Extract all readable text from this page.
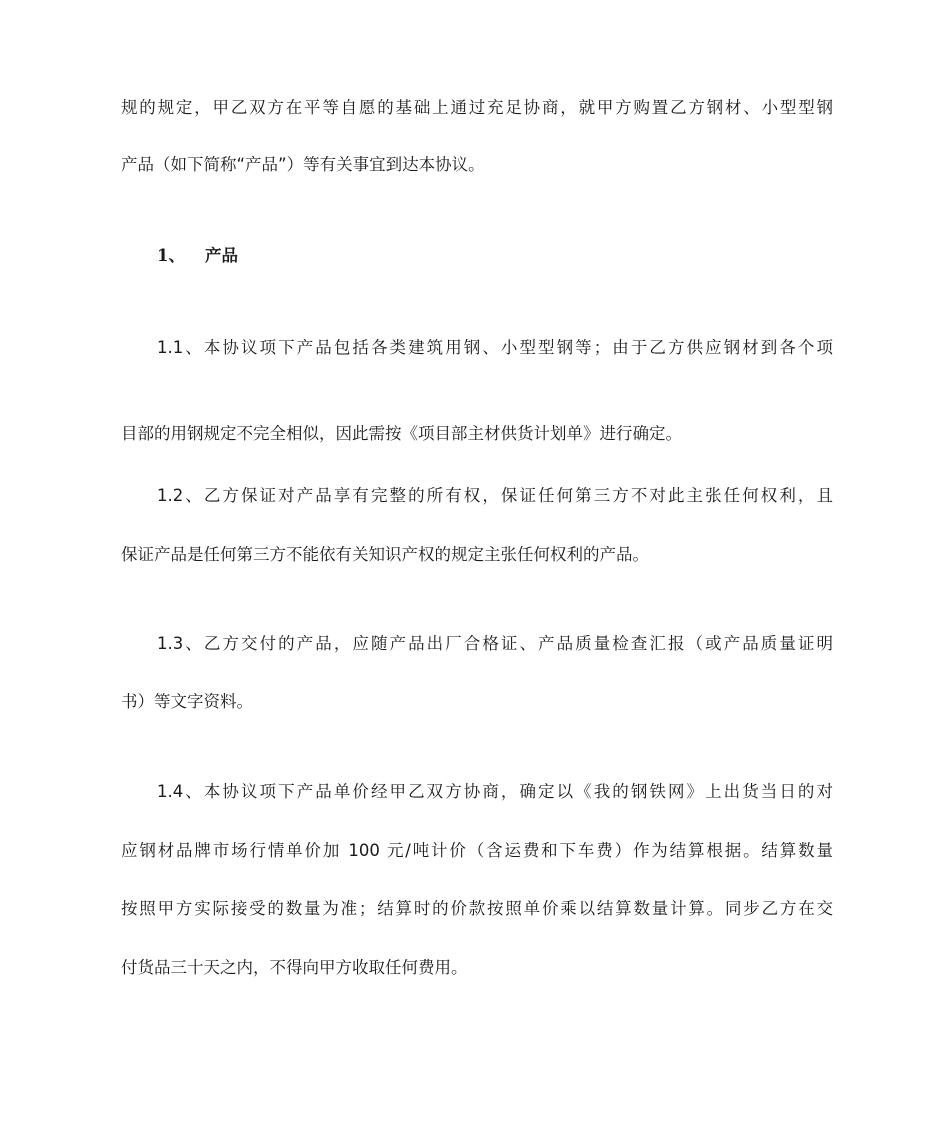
规的规定，甲乙双方在平等自愿的基础上通过充足协商，就甲方购置乙方钢材、小型型钢
产品（如下简称“产品”）等有关事宜到达本协议。
1、 产品
1.1、本协议项下产品包括各类建筑用钢、小型型钢等；由于乙方供应钢材到各个项
目部的用钢规定不完全相似，因此需按《项目部主材供货计划单》进行确定。
1.2、乙方保证对产品享有完整的所有权，保证任何第三方不对此主张任何权利，且
保证产品是任何第三方不能依有关知识产权的规定主张任何权利的产品。
1.3、乙方交付的产品，应随产品出厂合格证、产品质量检查汇报（或产品质量证明
书）等文字资料。
1.4、本协议项下产品单价经甲乙双方协商，确定以《我的钢铁网》上出货当日的对
应钢材品牌市场行情单价加 100 元/吨计价（含运费和下车费）作为结算根据。结算数量
按照甲方实际接受的数量为准；结算时的价款按照单价乘以结算数量计算。同步乙方在交
付货品三十天之内，不得向甲方收取任何费用。
